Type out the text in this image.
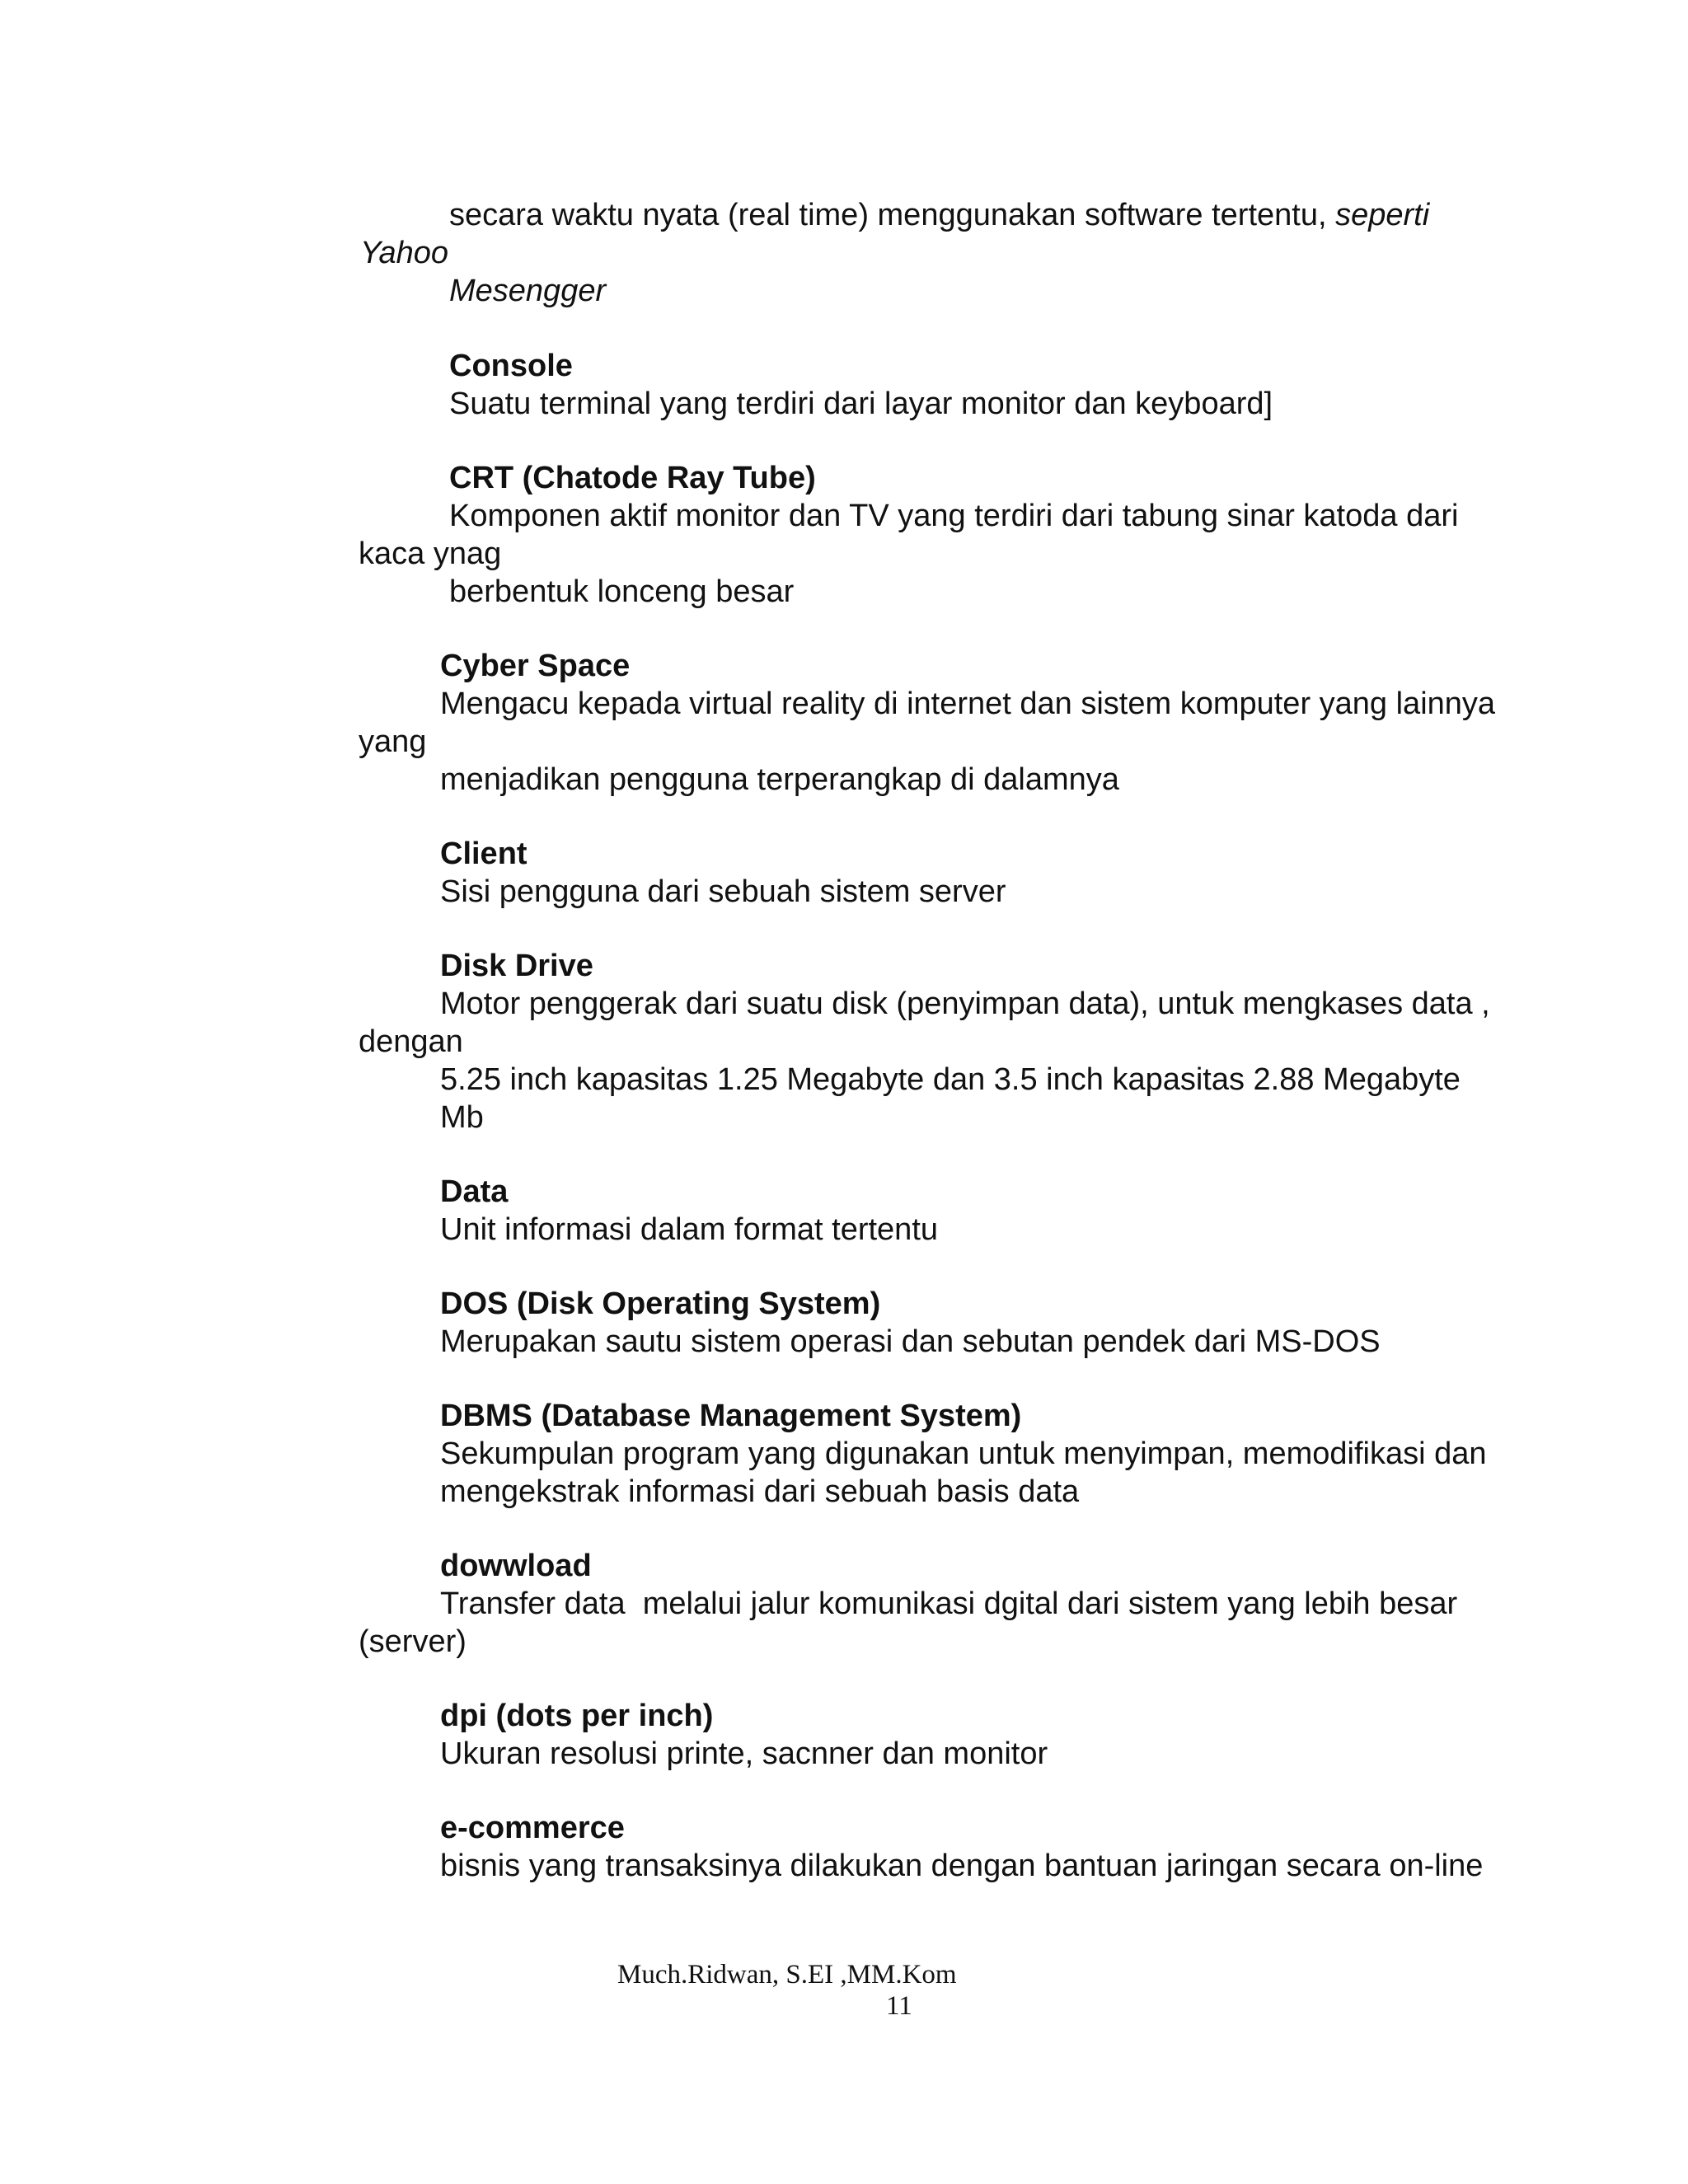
secara waktu nyata (real time) menggunakan software tertentu, seperti

Yahoo

Mesengger

Console

Suatu terminal yang terdiri dari layar monitor dan keyboard]

CRT (Chatode Ray Tube)

Komponen aktif monitor dan TV yang terdiri dari tabung sinar katoda dari

kaca ynag

berbentuk lonceng besar

Cyber Space

Mengacu kepada virtual reality di internet dan sistem komputer yang lainnya

yang

menjadikan pengguna terperangkap di dalamnya

Client

Sisi pengguna dari sebuah sistem server

Disk Drive

Motor penggerak dari suatu disk (penyimpan data), untuk mengkases data ,

dengan

5.25 inch kapasitas 1.25 Megabyte dan 3.5 inch kapasitas 2.88 Megabyte

Mb

Data

Unit informasi dalam format tertentu

DOS (Disk Operating System)

Merupakan sautu sistem operasi dan sebutan pendek dari MS-DOS

DBMS (Database Management System)

Sekumpulan program yang digunakan untuk menyimpan, memodifikasi dan

mengekstrak informasi dari sebuah basis data

dowwload

Transfer data  melalui jalur komunikasi dgital dari sistem yang lebih besar

(server)

dpi (dots per inch)

Ukuran resolusi printe, sacnner dan monitor

e-commerce

bisnis yang transaksinya dilakukan dengan bantuan jaringan secara on-line

Much.Ridwan, S.EI ,MM.Kom
11
